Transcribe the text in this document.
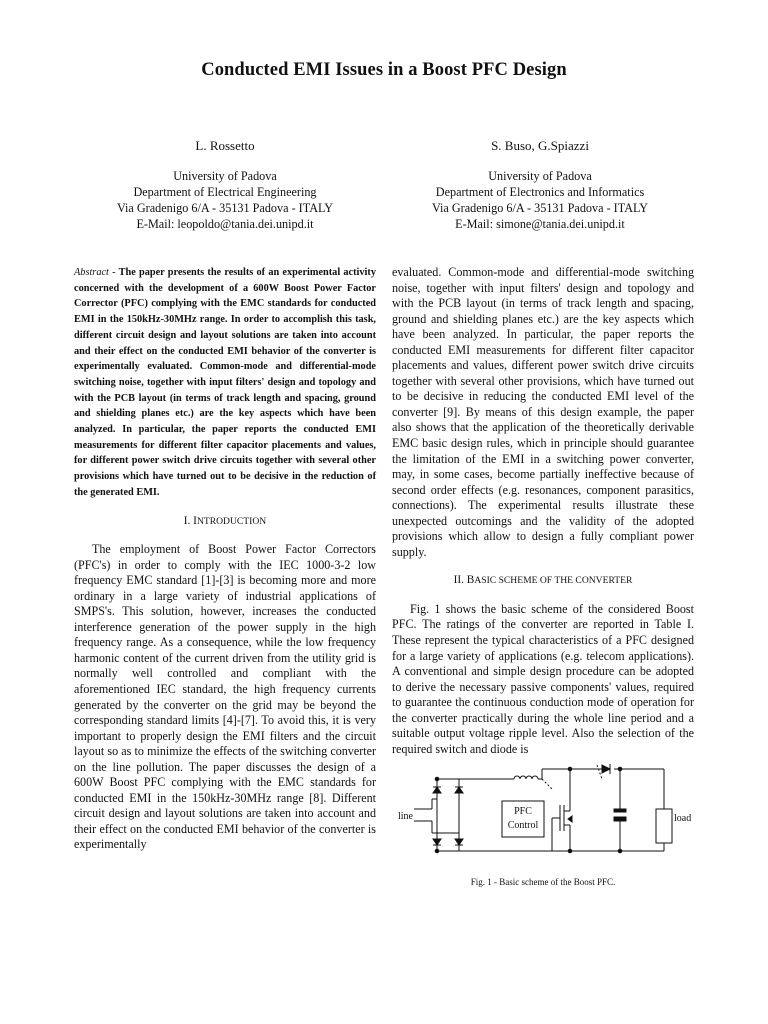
Conducted EMI Issues in a Boost PFC Design
L. Rossetto
University of Padova
Department of Electrical Engineering
Via Gradenigo 6/A - 35131 Padova - ITALY
E-Mail: leopoldo@tania.dei.unipd.it
S. Buso, G.Spiazzi
University of Padova
Department of Electronics and Informatics
Via Gradenigo 6/A - 35131 Padova - ITALY
E-Mail: simone@tania.dei.unipd.it

Abstract - The paper presents the results of an experimental activity concerned with the development of a 600W Boost Power Factor Corrector (PFC) complying with the EMC standards for conducted EMI in the 150kHz-30MHz range. In order to accomplish this task, different circuit design and layout solutions are taken into account and their effect on the conducted EMI behavior of the converter is experimentally evaluated. Common-mode and differential-mode switching noise, together with input filters' design and topology and with the PCB layout (in terms of track length and spacing, ground and shielding planes etc.) are the key aspects which have been analyzed. In particular, the paper reports the conducted EMI measurements for different filter capacitor placements and values, for different power switch drive circuits together with several other provisions which have turned out to be decisive in the reduction of the generated EMI.

I. INTRODUCTION

The employment of Boost Power Factor Correctors (PFC's) in order to comply with the IEC 1000-3-2 low frequency EMC standard [1]-[3] is becoming more and more ordinary in a large variety of industrial applications of SMPS's. This solution, however, increases the conducted interference generation of the power supply in the high frequency range. As a consequence, while the low frequency harmonic content of the current driven from the utility grid is normally well controlled and compliant with the aforementioned IEC standard, the high frequency currents generated by the converter on the grid may be beyond the corresponding standard limits [4]-[7]. To avoid this, it is very important to properly design the EMI filters and the circuit layout so as to minimize the effects of the switching converter on the line pollution. The paper discusses the design of a 600W Boost PFC complying with the EMC standards for conducted EMI in the 150kHz-30MHz range [8]. Different circuit design and layout solutions are taken into account and their effect on the conducted EMI behavior of the converter is experimentally

evaluated. Common-mode and differential-mode switching noise, together with input filters' design and topology and with the PCB layout (in terms of track length and spacing, ground and shielding planes etc.) are the key aspects which have been analyzed. In particular, the paper reports the conducted EMI measurements for different filter capacitor placements and values, different power switch drive circuits together with several other provisions, which have turned out to be decisive in reducing the conducted EMI level of the converter [9]. By means of this design example, the paper also shows that the application of the theoretically derivable EMC basic design rules, which in principle should guarantee the limitation of the EMI in a switching power converter, may, in some cases, become partially ineffective because of second order effects (e.g. resonances, component parasitics, connections). The experimental results illustrate these unexpected outcomings and the validity of the adopted provisions which allow to design a fully compliant power supply.

II. BASIC SCHEME OF THE CONVERTER

Fig. 1 shows the basic scheme of the considered Boost PFC. The ratings of the converter are reported in Table I. These represent the typical characteristics of a PFC designed for a large variety of applications (e.g. telecom applications). A conventional and simple design procedure can be adopted to derive the necessary passive components' values, required to guarantee the continuous conduction mode of operation for the converter practically during the whole line period and a suitable output voltage ripple level. Also the selection of the required switch and diode is

line	PFC
Control
load
Fig. 1 - Basic scheme of the Boost PFC.
